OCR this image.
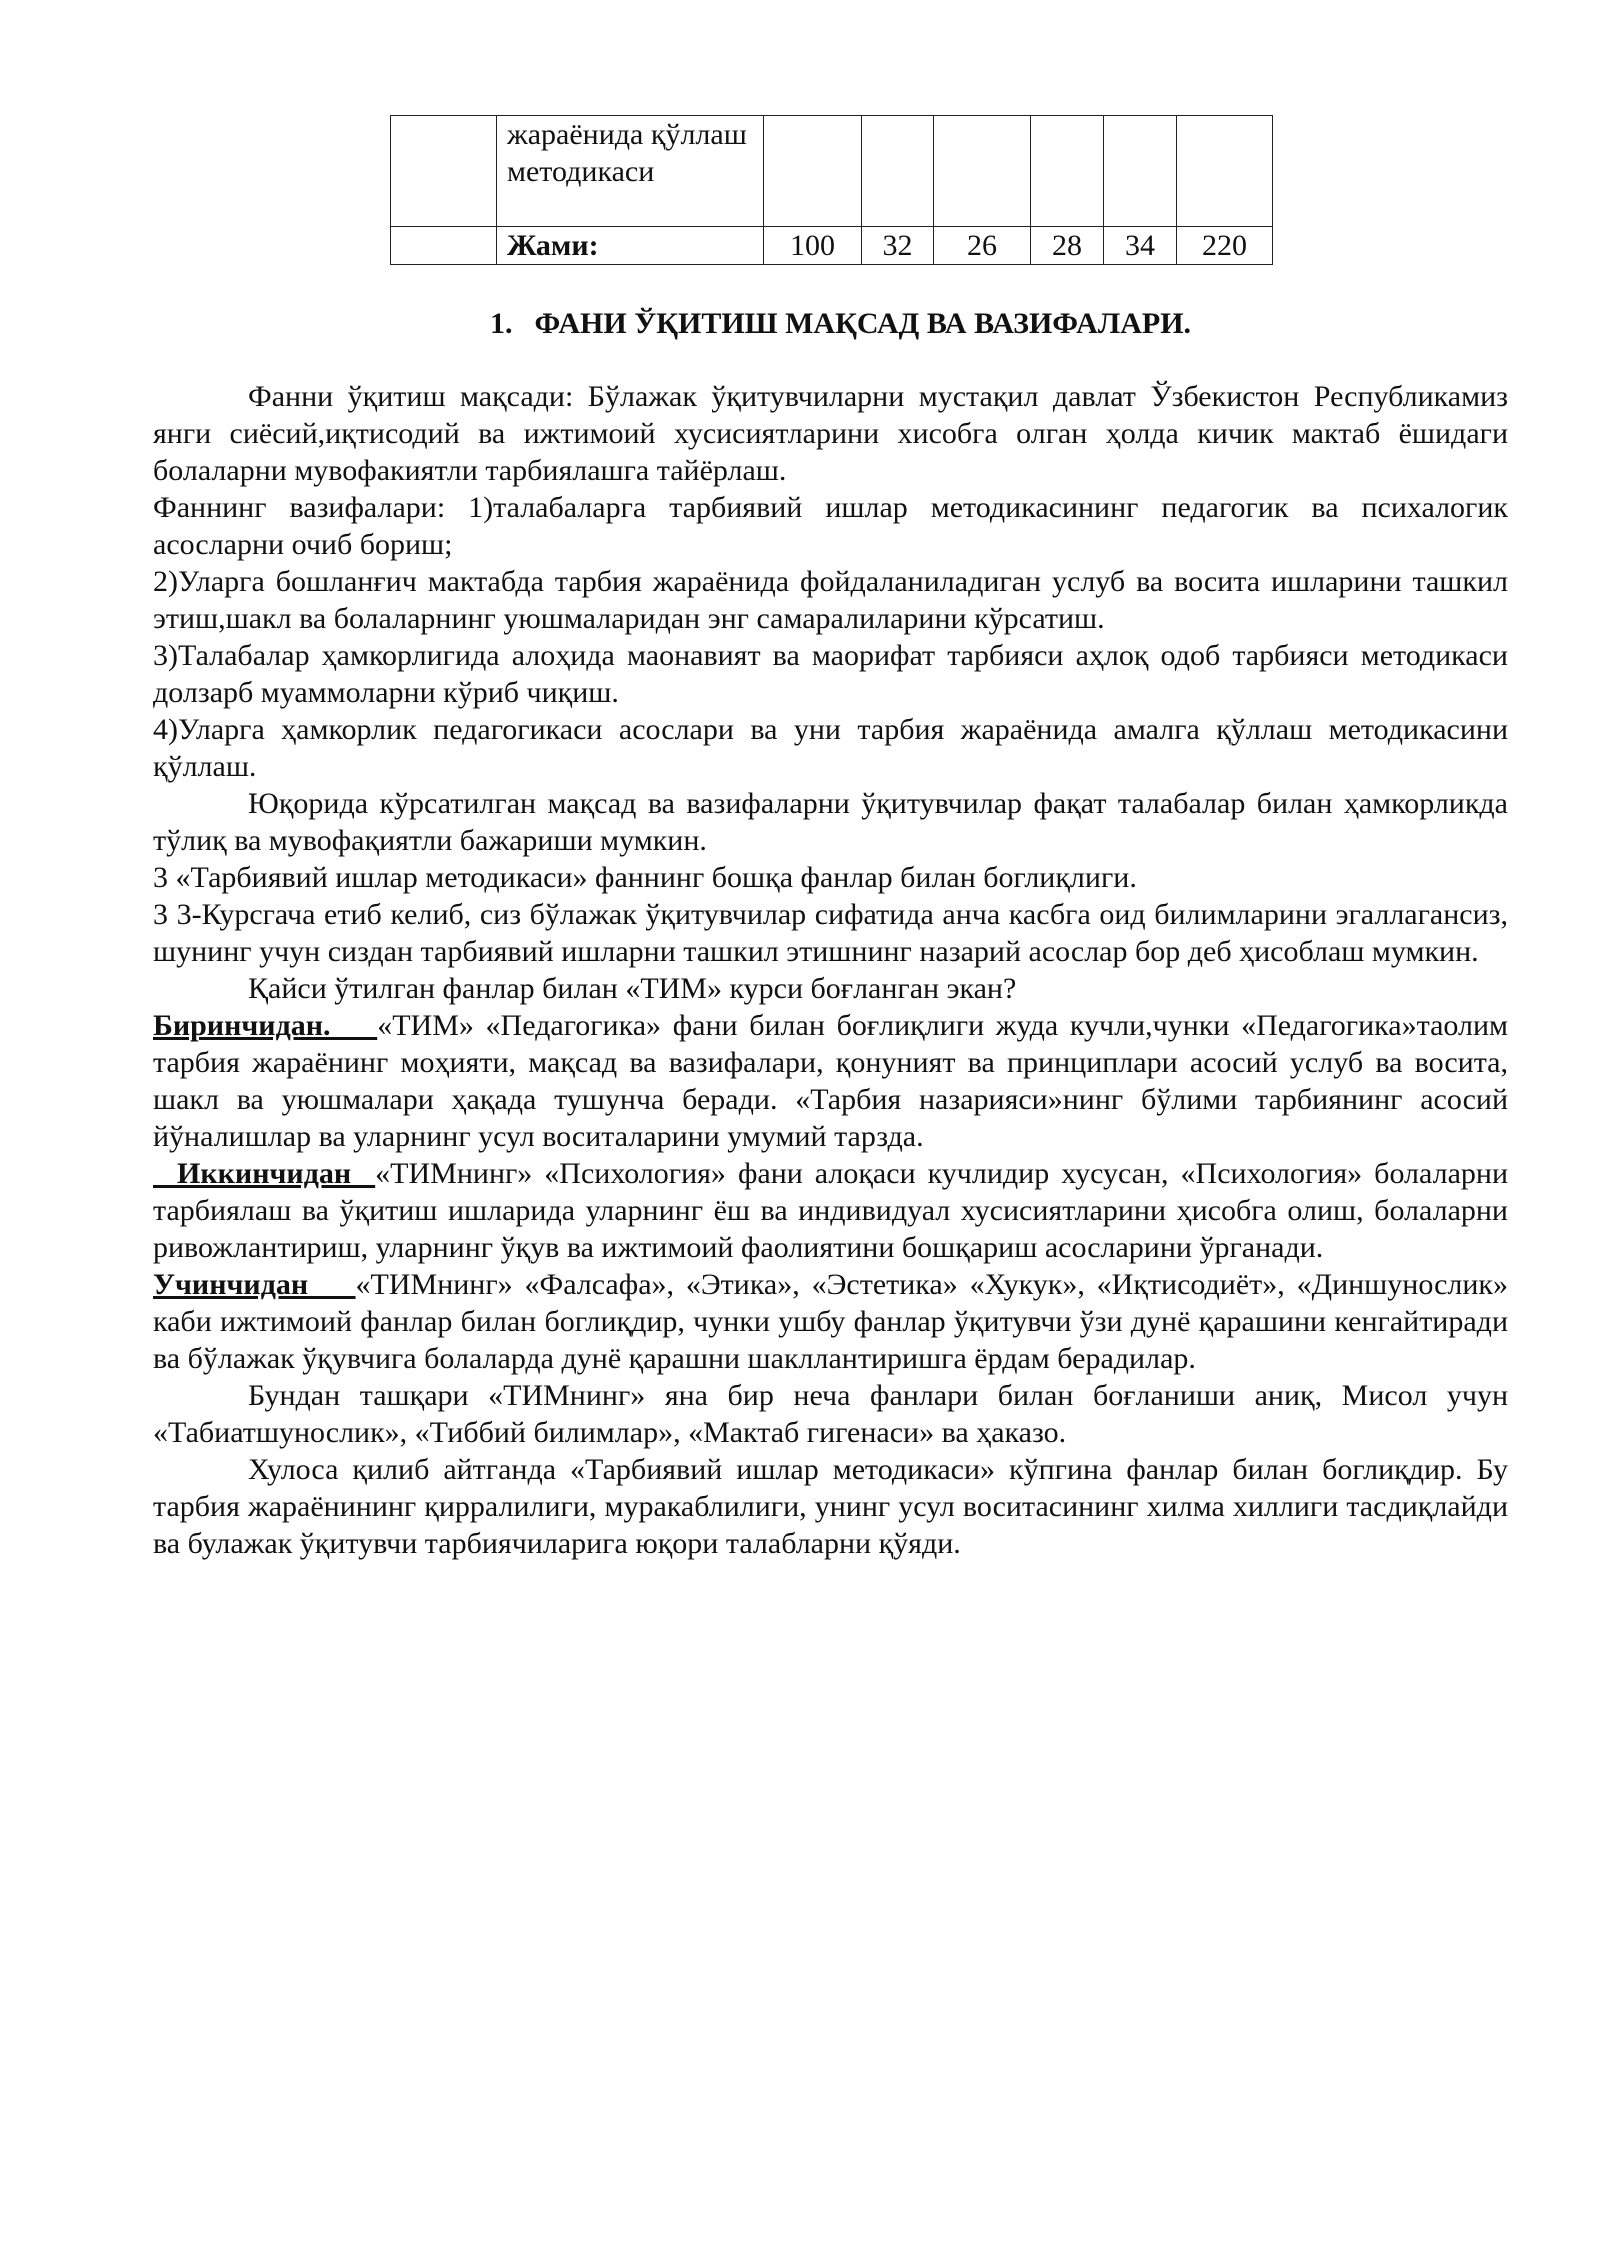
	жараёнида қўллаш методикаси						
	Жами:	100	32	26	28	34	220
1. ФАНИ ЎҚИТИШ МАҚСАД ВА ВАЗИФАЛАРИ.

Фанни ўқитиш мақсади: Бўлажак ўқитувчиларни мустақил давлат Ўзбекистон Республикамиз янги сиёсий,иқтисодий ва ижтимоий хусисиятларини хисобга олган ҳолда кичик мактаб ёшидаги болаларни мувофакиятли тарбиялашга тайёрлаш.

Фаннинг вазифалари: 1)талабаларга тарбиявий ишлар методикасининг педагогик ва психалогик асосларни очиб бориш;

2)Уларга бошланғич мактабда тарбия жараёнида фойдаланиладиган услуб ва восита ишларини ташкил этиш,шакл ва болаларнинг уюшмаларидан энг самаралиларини кўрсатиш.

3)Талабалар ҳамкорлигида алоҳида маонавият ва маорифат тарбияси аҳлоқ одоб тарбияси методикаси долзарб муаммоларни кўриб чиқиш.

4)Уларга ҳамкорлик педагогикаси асослари ва уни тарбия жараёнида амалга қўллаш методикасини қўллаш.

Юқорида кўрсатилган мақсад ва вазифаларни ўқитувчилар фақат талабалар билан ҳамкорликда тўлиқ ва мувофақиятли бажариши мумкин.

3 «Тарбиявий ишлар методикаси» фаннинг бошқа фанлар билан боглиқлиги.

3 3-Курсгача етиб келиб, сиз бўлажак ўқитувчилар сифатида анча касбга оид билимларини эгаллагансиз, шунинг учун сиздан тарбиявий ишларни ташкил этишнинг назарий асослар бор деб ҳисоблаш мумкин.

Қайси ўтилган фанлар билан «ТИМ» курси боғланган экан?

Биринчидан.    «ТИМ» «Педагогика» фани билан боғлиқлиги жуда кучли,чунки «Педагогика»таолим тарбия жараёнинг моҳияти, мақсад ва вазифалари, қонуният ва принциплари асосий услуб ва восита, шакл ва уюшмалари ҳақада тушунча беради. «Тарбия назарияси»нинг бўлими тарбиянинг асосий йўналишлар ва уларнинг усул воситаларини умумий тарзда.

Иккинчидан  «ТИМнинг» «Психология» фани алоқаси кучлидир хусусан, «Психология» болаларни тарбиялаш ва ўқитиш ишларида уларнинг ёш ва индивидуал хусисиятларини ҳисобга олиш, болаларни ривожлантириш, уларнинг ўқув ва ижтимоий фаолиятини бошқариш асосларини ўрганади.

Учинчидан    «ТИМнинг» «Фалсафа», «Этика», «Эстетика» «Хукук», «Иқтисодиёт», «Диншунослик» каби ижтимоий фанлар билан боглиқдир, чунки ушбу фанлар ўқитувчи ўзи дунё қарашини кенгайтиради ва бўлажак ўқувчига болаларда дунё қарашни шакллантиришга ёрдам берадилар.

Бундан ташқари «ТИМнинг» яна бир неча фанлари билан боғланиши аниқ, Мисол учун «Табиатшунослик», «Тиббий билимлар», «Мактаб гигенаси» ва ҳаказо.

Хулоса қилиб айтганда «Тарбиявий ишлар методикаси» кўпгина фанлар билан боглиқдир. Бу тарбия жараёнининг қирралилиги, муракаблилиги, унинг усул воситасининг хилма хиллиги тасдиқлайди ва булажак ўқитувчи тарбиячиларига юқори талабларни қўяди.
